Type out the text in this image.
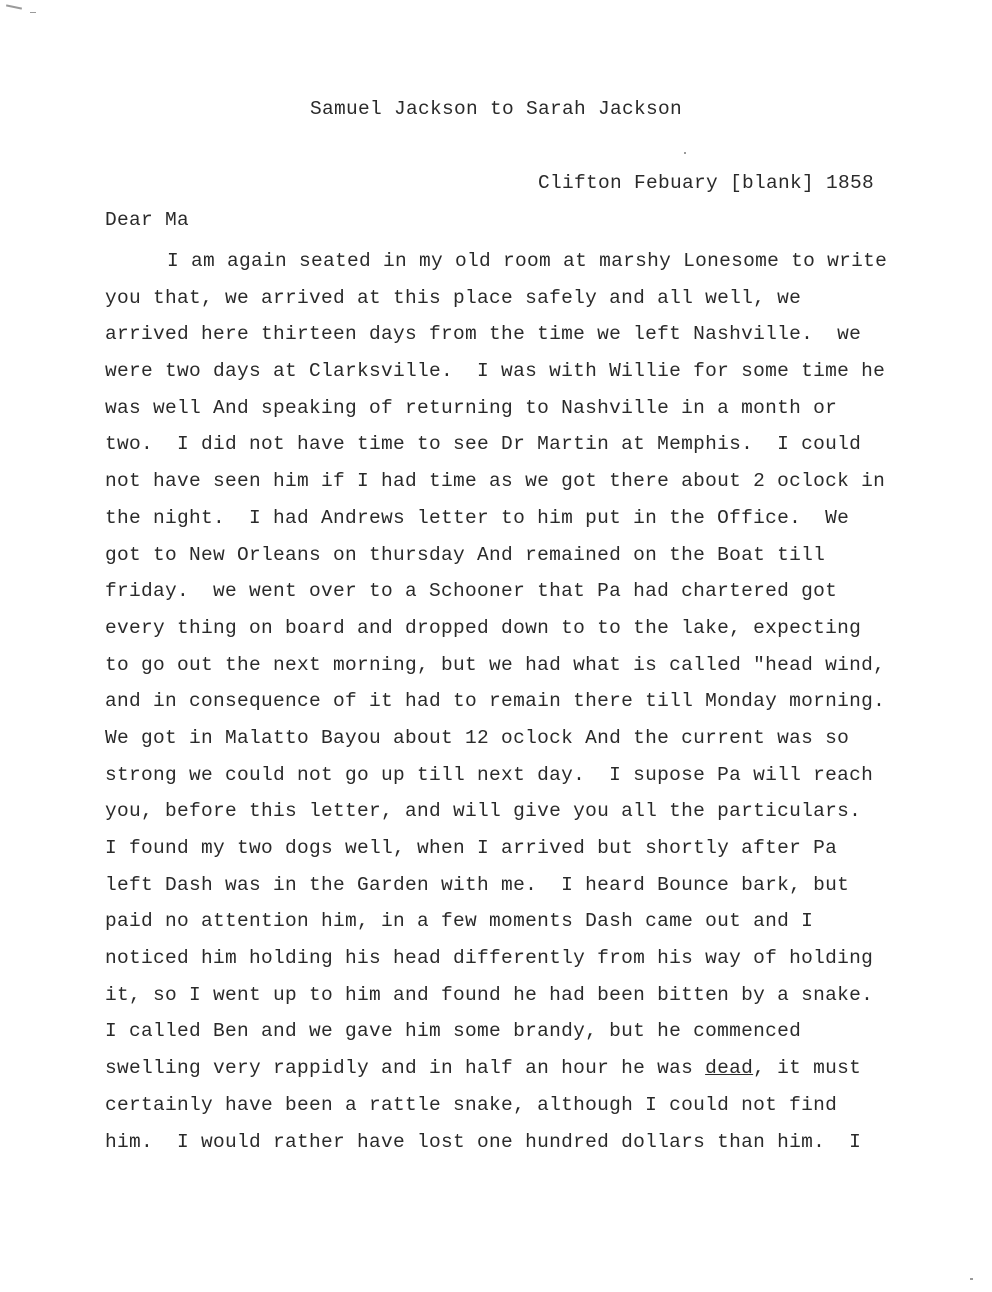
Samuel Jackson to Sarah Jackson
Clifton Febuary [blank] 1858
Dear Ma
I am again seated in my old room at marshy Lonesome to write
you that, we arrived at this place safely and all well, we
arrived here thirteen days from the time we left Nashville.  we
were two days at Clarksville.  I was with Willie for some time he
was well And speaking of returning to Nashville in a month or
two.  I did not have time to see Dr Martin at Memphis.  I could
not have seen him if I had time as we got there about 2 oclock in
the night.  I had Andrews letter to him put in the Office.  We
got to New Orleans on thursday And remained on the Boat till
friday.  we went over to a Schooner that Pa had chartered got
every thing on board and dropped down to to the lake, expecting
to go out the next morning, but we had what is called "head wind,
and in consequence of it had to remain there till Monday morning.
We got in Malatto Bayou about 12 oclock And the current was so
strong we could not go up till next day.  I supose Pa will reach
you, before this letter, and will give you all the particulars.
I found my two dogs well, when I arrived but shortly after Pa
left Dash was in the Garden with me.  I heard Bounce bark, but
paid no attention him, in a few moments Dash came out and I
noticed him holding his head differently from his way of holding
it, so I went up to him and found he had been bitten by a snake.
I called Ben and we gave him some brandy, but he commenced
swelling very rappidly and in half an hour he was dead, it must
certainly have been a rattle snake, although I could not find
him.  I would rather have lost one hundred dollars than him.  I
